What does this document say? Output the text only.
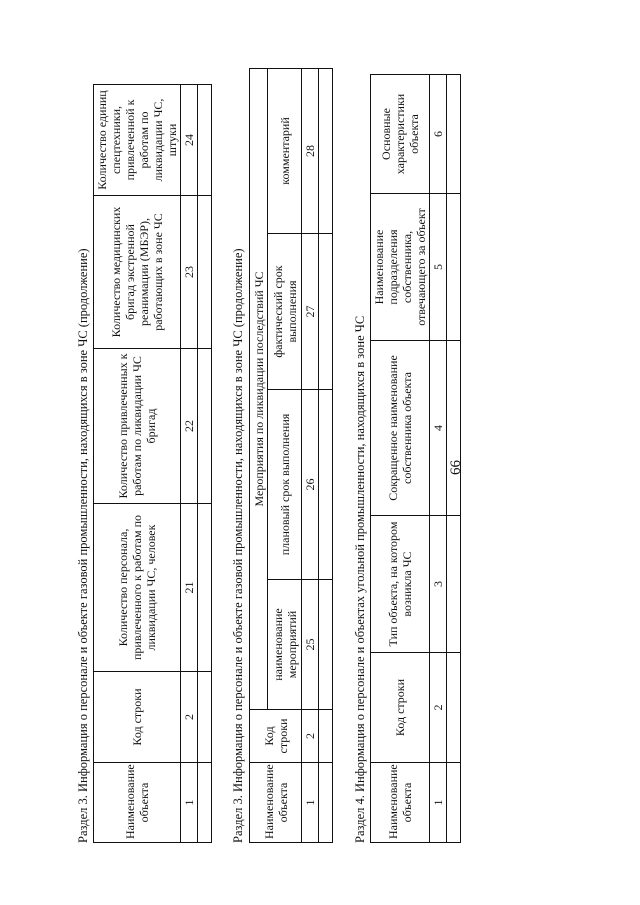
66
Раздел 3. Информация о персонале и объекте газовой промышленности, находящихся в зоне ЧС (продолжение)	Наименование объекта	Код строки	Количество персонала, привлеченного к работам по ликвидации ЧС, человек	Количество привлеченных к работам по ликвидации ЧС бригад	Количество медицинских бригад экстренной реанимации (МБЭР), работающих в зоне ЧС	Количество единиц спецтехники, привлеченной к работам по ликвидации ЧС, штуки
1	2	21	22	23	24

Раздел 3. Информация о персонале и объекте газовой промышленности, находящихся в зоне ЧС (продолжение) Наименование объекта	Код строки	Мероприятия по ликвидации последствий ЧС			
		наименование мероприятий	плановый срок выполнения	фактический срок выполнения	комментарий
1	2	25	26	27	28

Раздел 4. Информация о персонале и объектах угольной промышленности, находящихся в зоне ЧС Наименование объекта	Код строки	Тип объекта, на котором возникла ЧС	Сокращенное наименование собственника объекта	Наименование подразделения собственника, отвечающего за объект	Основные характеристики объекта
1	2	3	4	5	6
